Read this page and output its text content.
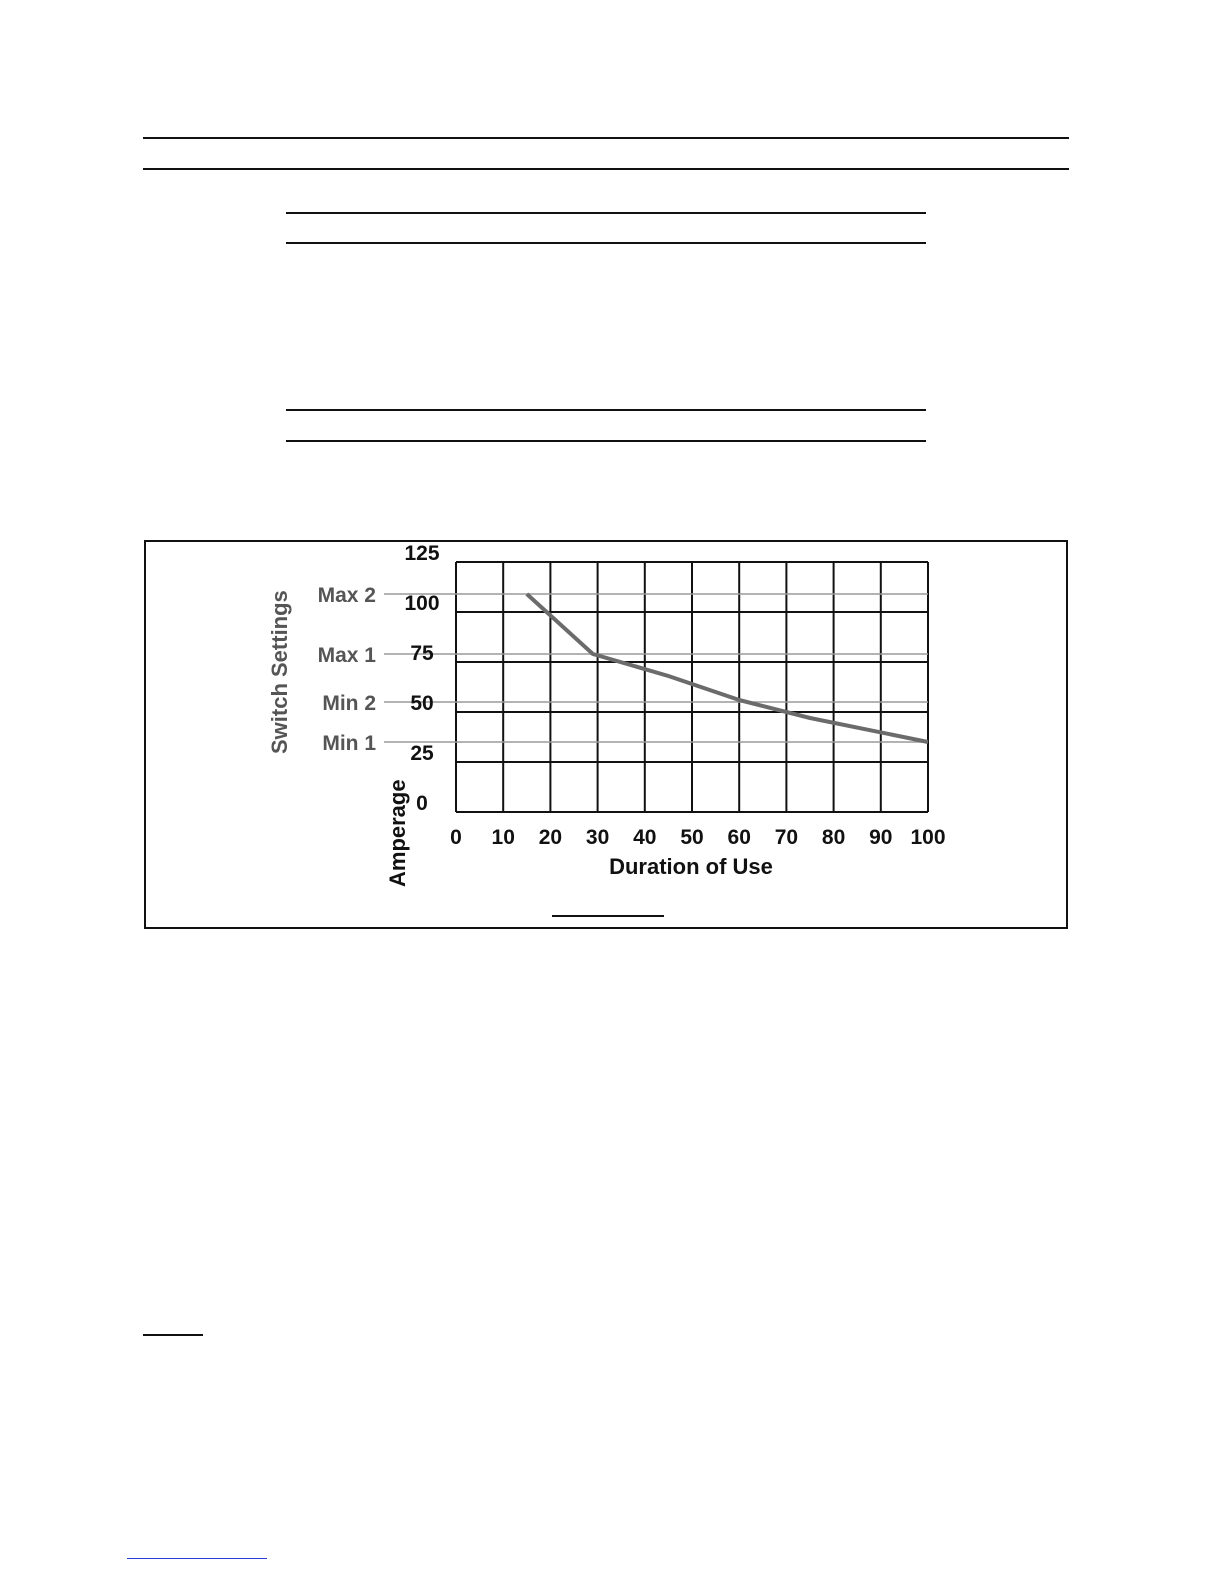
Max 2
Max 1
Min 2
Min 1
0
25
50
75
100
125
0 10 20 30 40 50 60 70 80 90 100
Duration of Use
Amperage
Switch Settings
